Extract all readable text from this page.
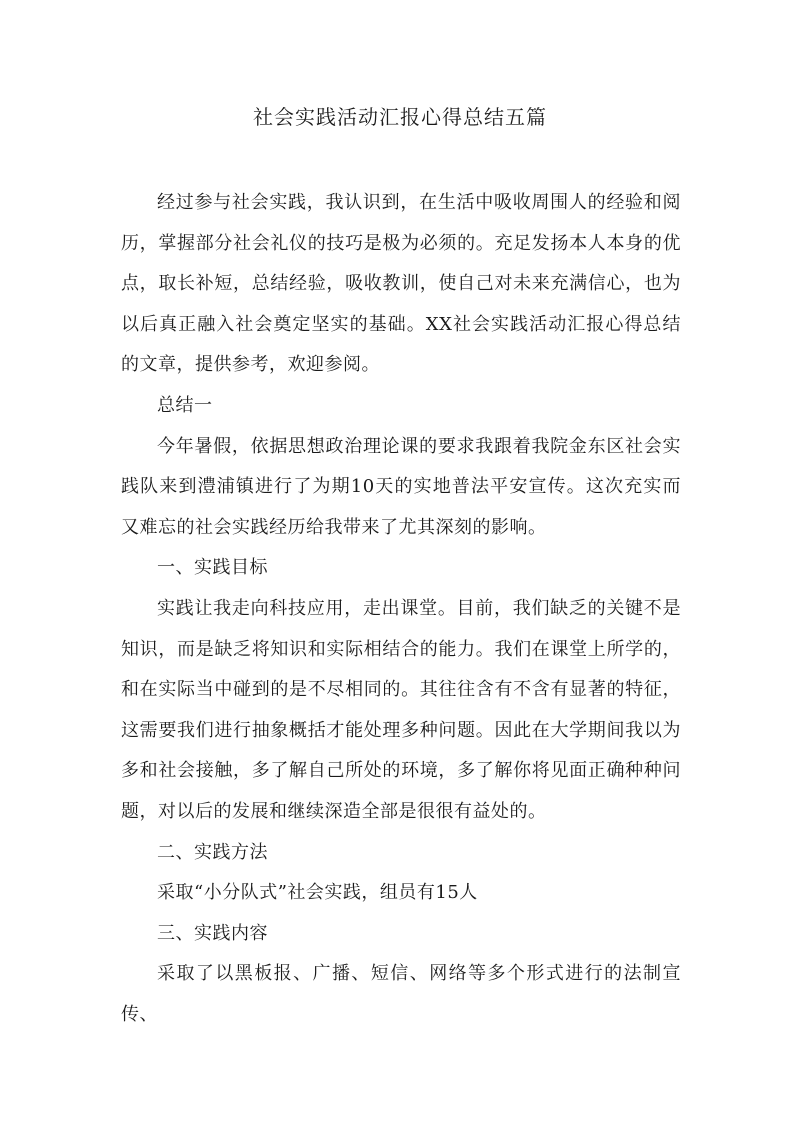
社会实践活动汇报心得总结五篇

经过参与社会实践，我认识到，在生活中吸收周围人的经验和阅历，掌握部分社会礼仪的技巧是极为必须的。充足发扬本人本身的优点，取长补短，总结经验，吸收教训，使自己对未来充满信心，也为以后真正融入社会奠定坚实的基础。XX社会实践活动汇报心得总结的文章，提供参考，欢迎参阅。

总结一

今年暑假，依据思想政治理论课的要求我跟着我院金东区社会实践队来到澧浦镇进行了为期10天的实地普法平安宣传。这次充实而又难忘的社会实践经历给我带来了尤其深刻的影响。

一、实践目标

实践让我走向科技应用，走出课堂。目前，我们缺乏的关键不是知识，而是缺乏将知识和实际相结合的能力。我们在课堂上所学的，和在实际当中碰到的是不尽相同的。其往往含有不含有显著的特征，这需要我们进行抽象概括才能处理多种问题。因此在大学期间我以为多和社会接触，多了解自己所处的环境，多了解你将见面正确种种问题，对以后的发展和继续深造全部是很很有益处的。

二、实践方法

采取“小分队式”社会实践，组员有15人

三、实践内容

采取了以黑板报、广播、短信、网络等多个形式进行的法制宣传、
